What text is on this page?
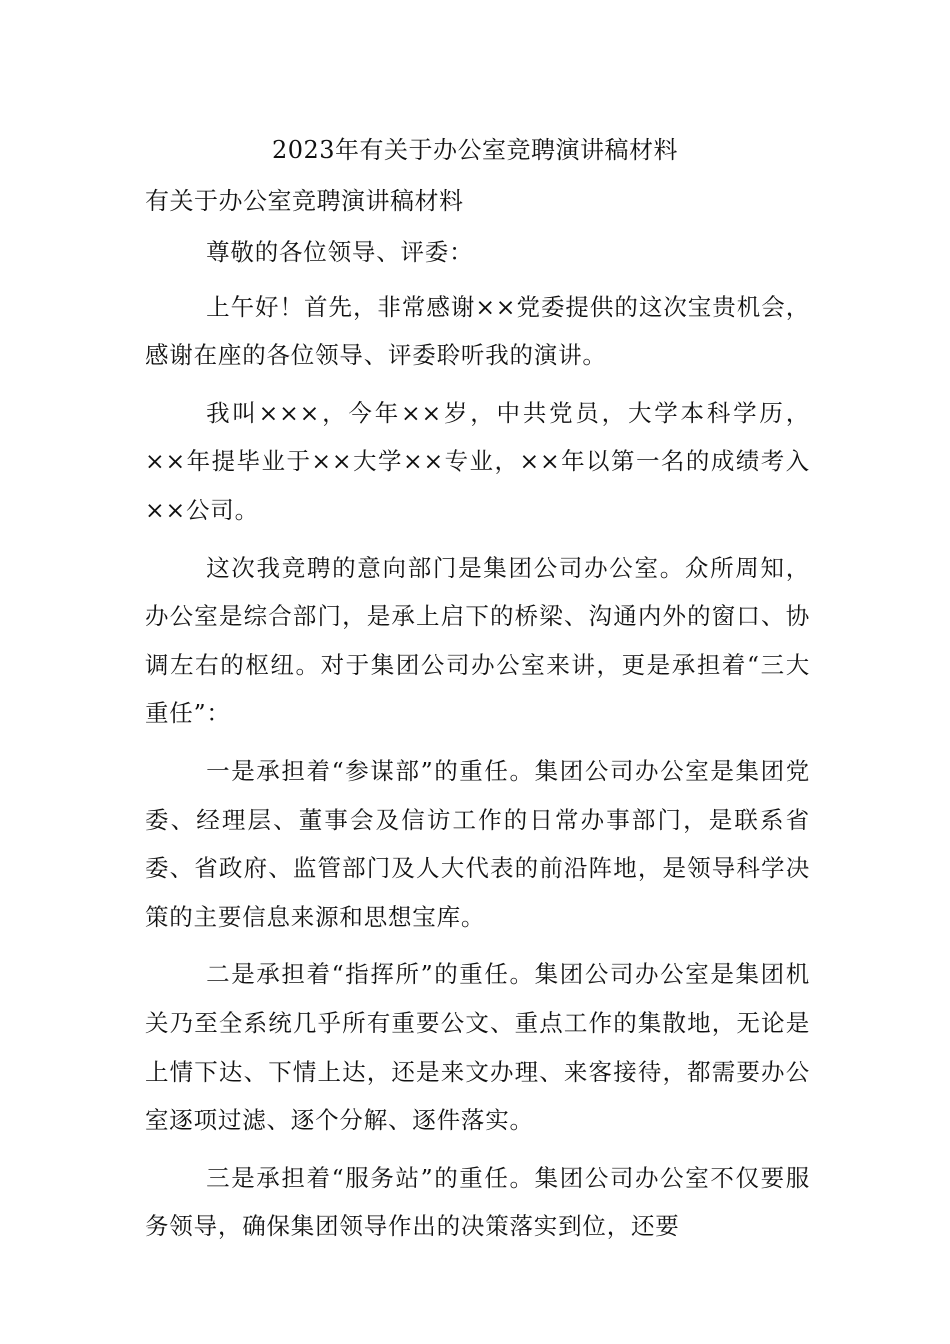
2023年有关于办公室竞聘演讲稿材料
有关于办公室竞聘演讲稿材料

尊敬的各位领导、评委：

上午好！首先，非常感谢××党委提供的这次宝贵机会，感谢在座的各位领导、评委聆听我的演讲。

我叫×××，今年××岁，中共党员，大学本科学历，××年提毕业于××大学××专业，××年以第一名的成绩考入××公司。

这次我竞聘的意向部门是集团公司办公室。众所周知，办公室是综合部门，是承上启下的桥梁、沟通内外的窗口、协调左右的枢纽。对于集团公司办公室来讲，更是承担着“三大重任”：

一是承担着“参谋部”的重任。集团公司办公室是集团党委、经理层、董事会及信访工作的日常办事部门，是联系省委、省政府、监管部门及人大代表的前沿阵地，是领导科学决策的主要信息来源和思想宝库。

二是承担着“指挥所”的重任。集团公司办公室是集团机关乃至全系统几乎所有重要公文、重点工作的集散地，无论是上情下达、下情上达，还是来文办理、来客接待，都需要办公室逐项过滤、逐个分解、逐件落实。

三是承担着“服务站”的重任。集团公司办公室不仅要服务领导，确保集团领导作出的决策落实到位，还要
